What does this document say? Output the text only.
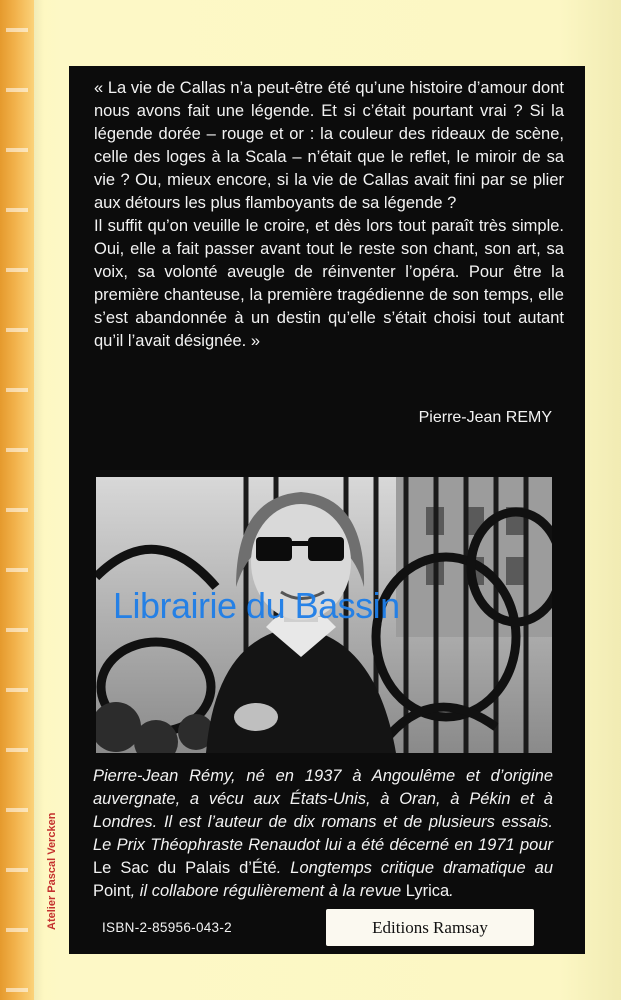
Atelier Pascal Vercken

« La vie de Callas n’a peut-être été qu’une histoire d’amour dont nous avons fait une légende. Et si c’était pourtant vrai ? Si la légende dorée – rouge et or : la couleur des rideaux de scène, celle des loges à la Scala – n’était que le reflet, le miroir de sa vie ? Ou, mieux encore, si la vie de Callas avait fini par se plier aux détours les plus flamboyants de sa légende ?

Il suffit qu’on veuille le croire, et dès lors tout paraît très simple. Oui, elle a fait passer avant tout le reste son chant, son art, sa voix, sa volonté aveugle de réinventer l’opéra. Pour être la première chanteuse, la première tragédienne de son temps, elle s’est abandonnée à un destin qu’elle s’était choisi tout autant qu’il l’avait désignée. »

Pierre-Jean REMY
Librairie du Bassin
Pierre-Jean Rémy, né en 1937 à Angoulême et d’origine auvergnate, a vécu aux États-Unis, à Oran, à Pékin et à Londres. Il est l’auteur de dix romans et de plusieurs essais. Le Prix Théophraste Renaudot lui a été décerné en 1971 pour Le Sac du Palais d’Été. Longtemps critique dramatique au Point, il collabore régulièrement à la revue Lyrica.
ISBN-2-85956-043-2	Editions Ramsay
